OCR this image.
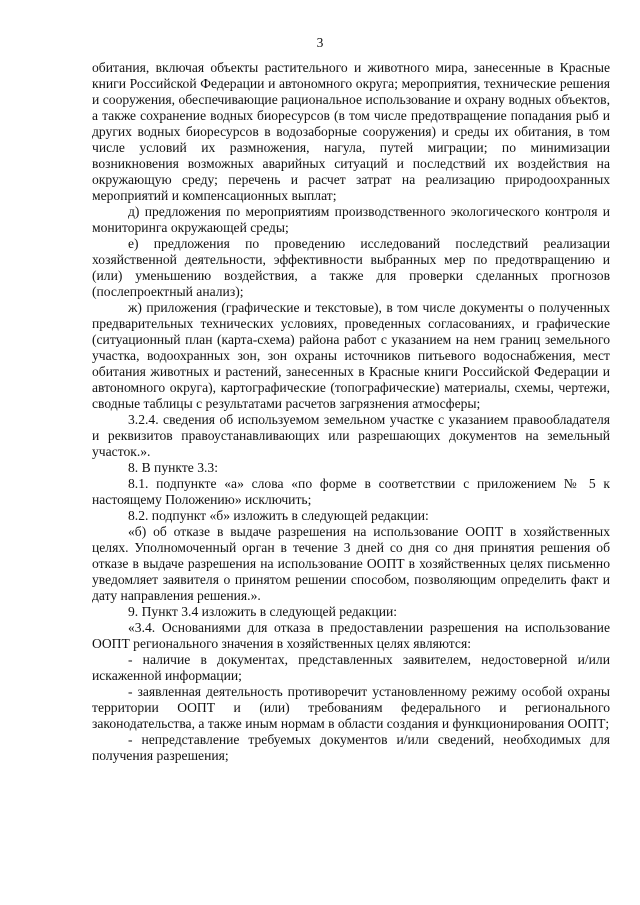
3

обитания, включая объекты растительного и животного мира, занесенные в Красные книги Российской Федерации и автономного округа; мероприятия, технические решения и сооружения, обеспечивающие рациональное использование и охрану водных объектов, а также сохранение водных биоресурсов (в том числе предотвращение попадания рыб и других водных биоресурсов в водозаборные сооружения) и среды их обитания, в том числе условий их размножения, нагула, путей миграции; по минимизации возникновения возможных аварийных ситуаций и последствий их воздействия на окружающую среду; перечень и расчет затрат на реализацию природоохранных мероприятий и компенсационных выплат;

д) предложения по мероприятиям производственного экологического контроля и мониторинга окружающей среды;

е) предложения по проведению исследований последствий реализации хозяйственной деятельности, эффективности выбранных мер по предотвращению и (или) уменьшению воздействия, а также для проверки сделанных прогнозов (послепроектный анализ);

ж) приложения (графические и текстовые), в том числе документы о полученных предварительных технических условиях, проведенных согласованиях, и графические (ситуационный план (карта-схема) района работ с указанием на нем границ земельного участка, водоохранных зон, зон охраны источников питьевого водоснабжения, мест обитания животных и растений, занесенных в Красные книги Российской Федерации и автономного округа), картографические (топографические) материалы, схемы, чертежи, сводные таблицы с результатами расчетов загрязнения атмосферы;

3.2.4. сведения об используемом земельном участке с указанием правообладателя и реквизитов правоустанавливающих или разрешающих документов на земельный участок.».

8. В пункте 3.3:

8.1. подпункте «а» слова «по форме в соответствии с приложением № 5 к настоящему Положению» исключить;

8.2. подпункт «б» изложить в следующей редакции:

«б) об отказе в выдаче разрешения на использование ООПТ в хозяйственных целях. Уполномоченный орган в течение 3 дней со дня со дня принятия решения об отказе в выдаче разрешения на использование ООПТ в хозяйственных целях письменно уведомляет заявителя о принятом решении способом, позволяющим определить факт и дату направления решения.».

9. Пункт 3.4 изложить в следующей редакции:

«3.4. Основаниями для отказа в предоставлении разрешения на использование ООПТ регионального значения в хозяйственных целях являются:

- наличие в документах, представленных заявителем, недостоверной и/или искаженной информации;

- заявленная деятельность противоречит установленному режиму особой охраны территории ООПТ и (или) требованиям федерального и регионального законодательства, а также иным нормам в области создания и функционирования ООПТ;

- непредставление требуемых документов и/или сведений, необходимых для получения разрешения;
